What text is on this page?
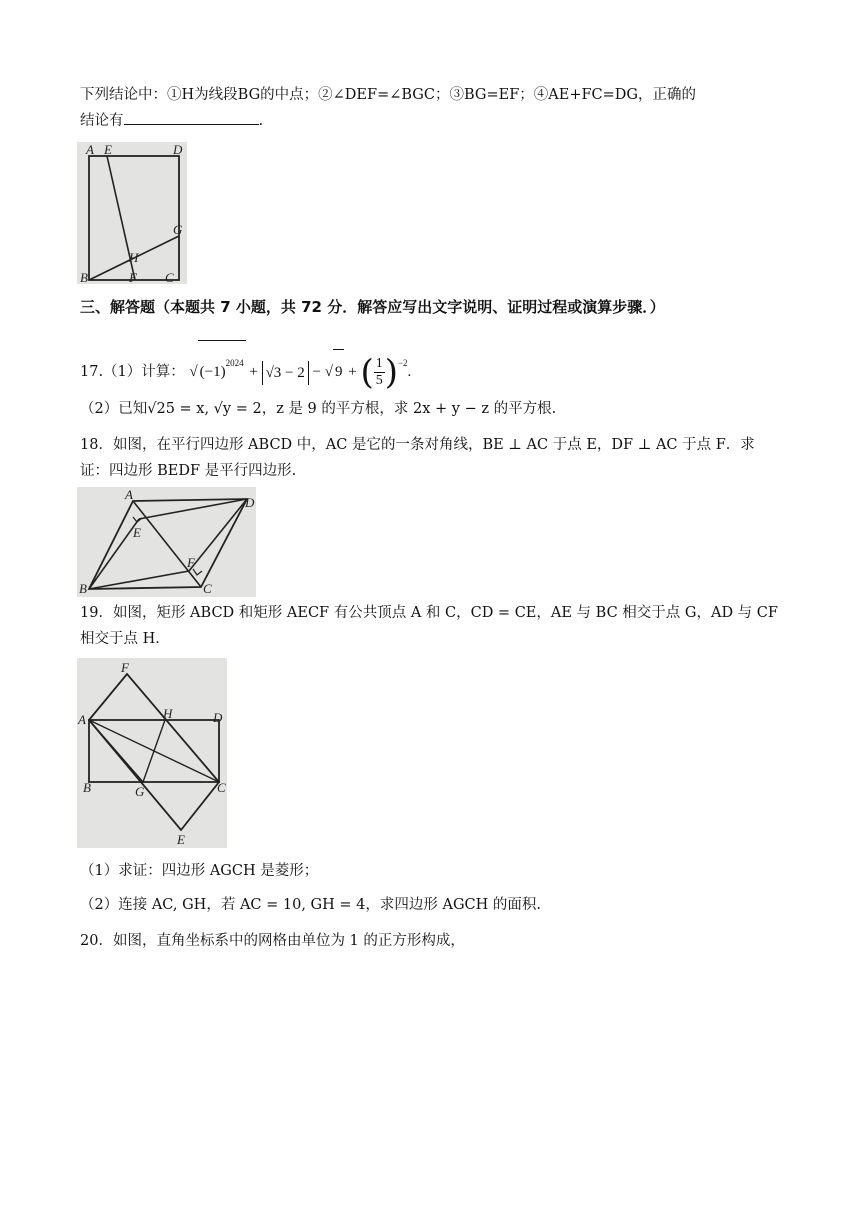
下列结论中：①H为线段BG的中点；②∠DEF=∠BGC；③BG=EF；④AE+FC=DG，正确的
结论有	.
A E	D
G
H
B	F C
三、解答题（本题共 7 小题，共 72 分．解答应写出文字说明、证明过程或演算步骤．）
17.（1）计算： √ $(-1)^{2024} + √3 - 2$ − √ 9 + ( $\frac{1}{5} )^{-2}$.
（2）已知√25 = x, √y = 2，z 是 9 的平方根，求 2x + y − z 的平方根.
18．如图，在平行四边形 ABCD 中，AC 是它的一条对角线，BE ⊥ AC 于点 E，DF ⊥ AC 于点 F．求
证：四边形 BEDF 是平行四边形.
A
D
E
F
B	C
19．如图，矩形 ABCD 和矩形 AECF 有公共顶点 A 和 C，CD = CE，AE 与 BC 相交于点 G，AD 与 CF
相交于点 H．
F
A	H	D
B	G	C
E
（1）求证：四边形 AGCH 是菱形；
（2）连接 AC, GH，若 AC = 10, GH = 4，求四边形 AGCH 的面积.
20．如图，直角坐标系中的网格由单位为 1 的正方形构成，
